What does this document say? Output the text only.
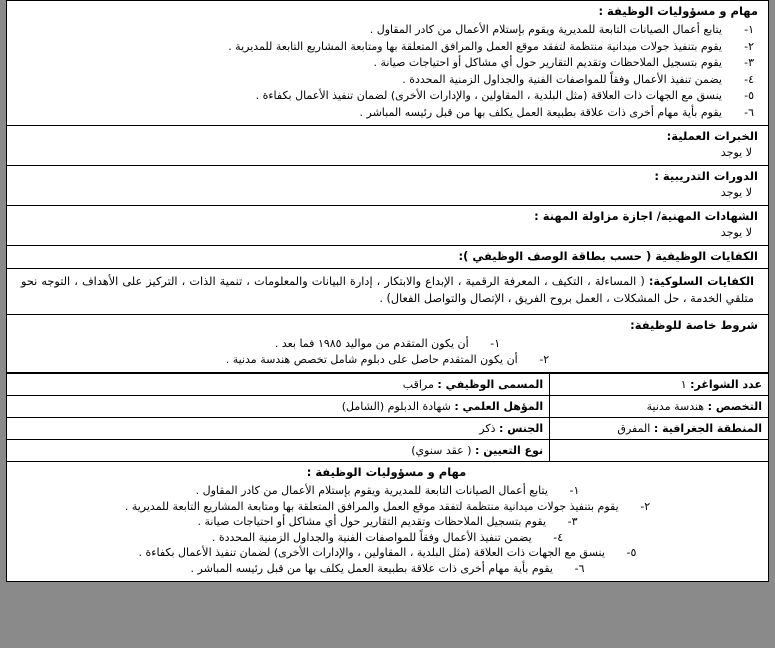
مهام و مسؤوليات الوظيفة :
١-
يتابع أعمال الصيانات التابعة للمديرية ويقوم بإستلام الأعمال من كادر المقاول .
٢-
يقوم بتنفيذ جولات ميدانية منتظمة لتفقد موقع العمل والمرافق المتعلقة بها ومتابعة المشاريع التابعة للمديرية .
٣-
يقوم بتسجيل الملاحظات وتقديم التقارير حول أي مشاكل أو احتياجات صيانة .
٤-
يضمن تنفيذ الأعمال وفقاً للمواصفات الفنية والجداول الزمنية المحددة .
٥-
ينسق مع الجهات ذات العلاقة (مثل البلدية ، المقاولين ، والإدارات الأخرى) لضمان تنفيذ الأعمال بكفاءة .
٦-
يقوم بأية مهام أخرى ذات علاقة بطبيعة العمل يكلف بها من قبل رئيسه المباشر .
الخبرات العملية:
لا يوجد
الدورات التدريبية :
لا يوجد
الشهادات المهنية/ اجازة مزاولة المهنة :
لا يوجد
الكفايات الوظيفية ( حسب بطاقة الوصف الوظيفي ):
الكفايات السلوكية: ( المساءلة ، التكيف ، المعرفة الرقمية ، الإبداع والابتكار ، إدارة البيانات والمعلومات ، تنمية الذات ، التركيز على الأهداف ، التوجه نحو متلقي الخدمة ، حل المشكلات ، العمل بروح الفريق ، الإتصال والتواصل الفعال) .
شروط خاصة للوظيفة:
١- أن يكون المتقدم من مواليد ١٩٨٥ فما بعد .
٢- أن يكون المتقدم حاصل على دبلوم شامل تخصص هندسة مدنية .
عدد الشواغر: ١	المسمى الوظيفي : مراقب
التخصص : هندسة مدنية	المؤهل العلمي : شهادة الدبلوم (الشامل)
المنطقة الجغرافية : المفرق	الجنس : ذكر
	نوع التعيين : ( عقد سنوي)
مهام و مسؤوليات الوظيفة :
١- يتابع أعمال الصيانات التابعة للمديرية ويقوم بإستلام الأعمال من كادر المقاول .
٢- يقوم بتنفيذ جولات ميدانية منتظمة لتفقد موقع العمل والمرافق المتعلقة بها ومتابعة المشاريع التابعة للمديرية .
٣- يقوم بتسجيل الملاحظات وتقديم التقارير حول أي مشاكل أو احتياجات صيانة .
٤- يضمن تنفيذ الأعمال وفقاً للمواصفات الفنية والجداول الزمنية المحددة .
٥- ينسق مع الجهات ذات العلاقة (مثل البلدية ، المقاولين ، والإدارات الأخرى) لضمان تنفيذ الأعمال بكفاءة .
٦- يقوم بأية مهام أخرى ذات علاقة بطبيعة العمل يكلف بها من قبل رئيسه المباشر .
